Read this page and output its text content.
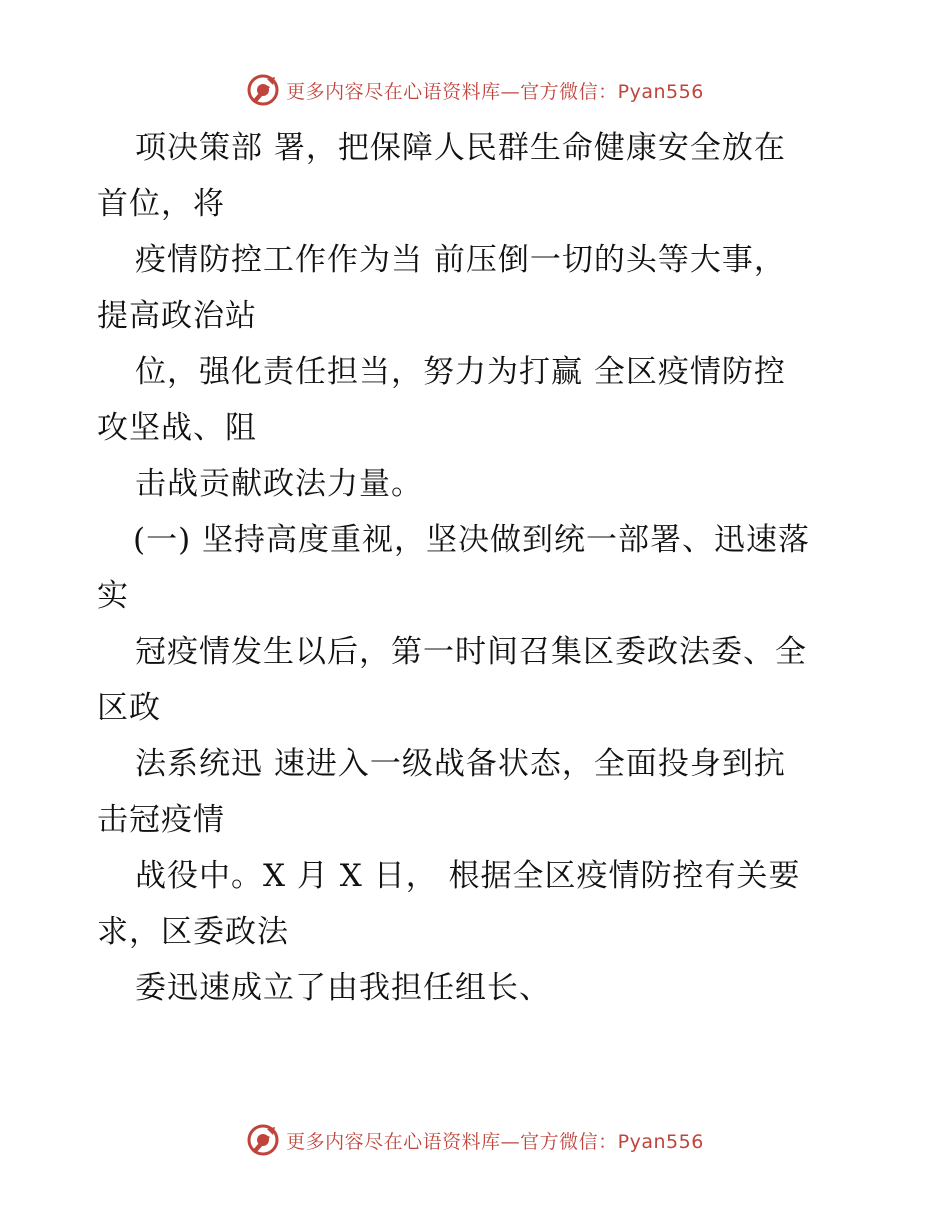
更多内容尽在心语资料库—官方微信：Pyan556
项决策部 署，把保障人民群生命健康安全放在
首位，将
疫情防控工作作为当 前压倒一切的头等大事，
提高政治站
位，强化责任担当，努力为打赢 全区疫情防控
攻坚战、阻
击战贡献政法力量。
(一) 坚持高度重视，坚决做到统一部署、迅速落
实
冠疫情发生以后，第一时间召集区委政法委、全
区政
法系统迅 速进入一级战备状态，全面投身到抗
击冠疫情
战役中。X 月 X 日， 根据全区疫情防控有关要
求，区委政法
委迅速成立了由我担任组长、
更多内容尽在心语资料库—官方微信：Pyan556
